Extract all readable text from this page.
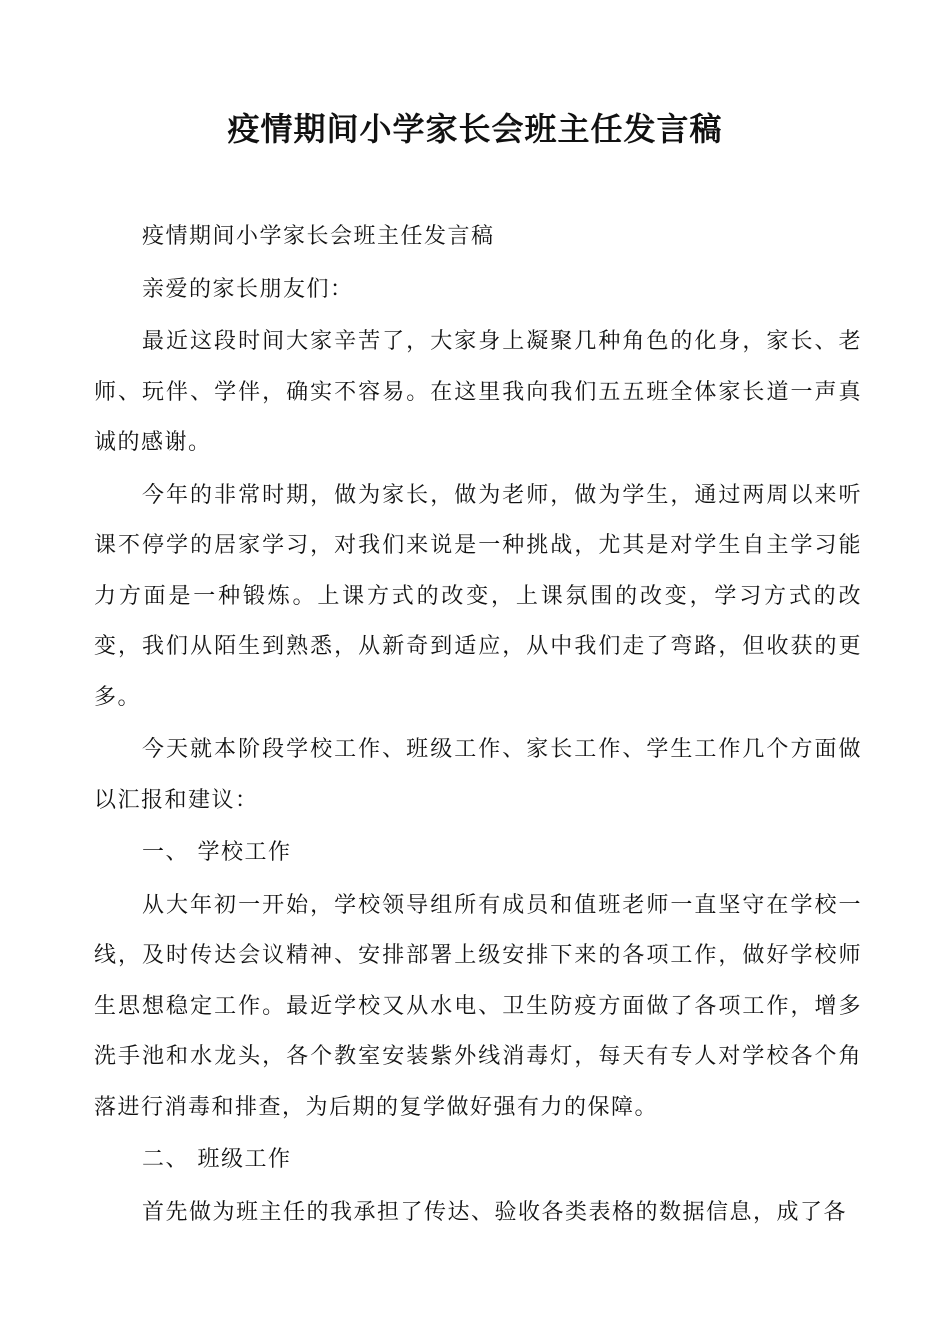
疫情期间小学家长会班主任发言稿

疫情期间小学家长会班主任发言稿

亲爱的家长朋友们：

最近这段时间大家辛苦了，大家身上凝聚几种角色的化身，家长、老师、玩伴、学伴，确实不容易。在这里我向我们五五班全体家长道一声真诚的感谢。

今年的非常时期，做为家长，做为老师，做为学生，通过两周以来听课不停学的居家学习，对我们来说是一种挑战，尤其是对学生自主学习能力方面是一种锻炼。上课方式的改变，上课氛围的改变，学习方式的改变，我们从陌生到熟悉，从新奇到适应，从中我们走了弯路，但收获的更多。

今天就本阶段学校工作、班级工作、家长工作、学生工作几个方面做以汇报和建议：

一、 学校工作

从大年初一开始，学校领导组所有成员和值班老师一直坚守在学校一线，及时传达会议精神、安排部署上级安排下来的各项工作，做好学校师生思想稳定工作。最近学校又从水电、卫生防疫方面做了各项工作，增多洗手池和水龙头，各个教室安装紫外线消毒灯，每天有专人对学校各个角落进行消毒和排查，为后期的复学做好强有力的保障。

二、 班级工作

首先做为班主任的我承担了传达、验收各类表格的数据信息，成了各
